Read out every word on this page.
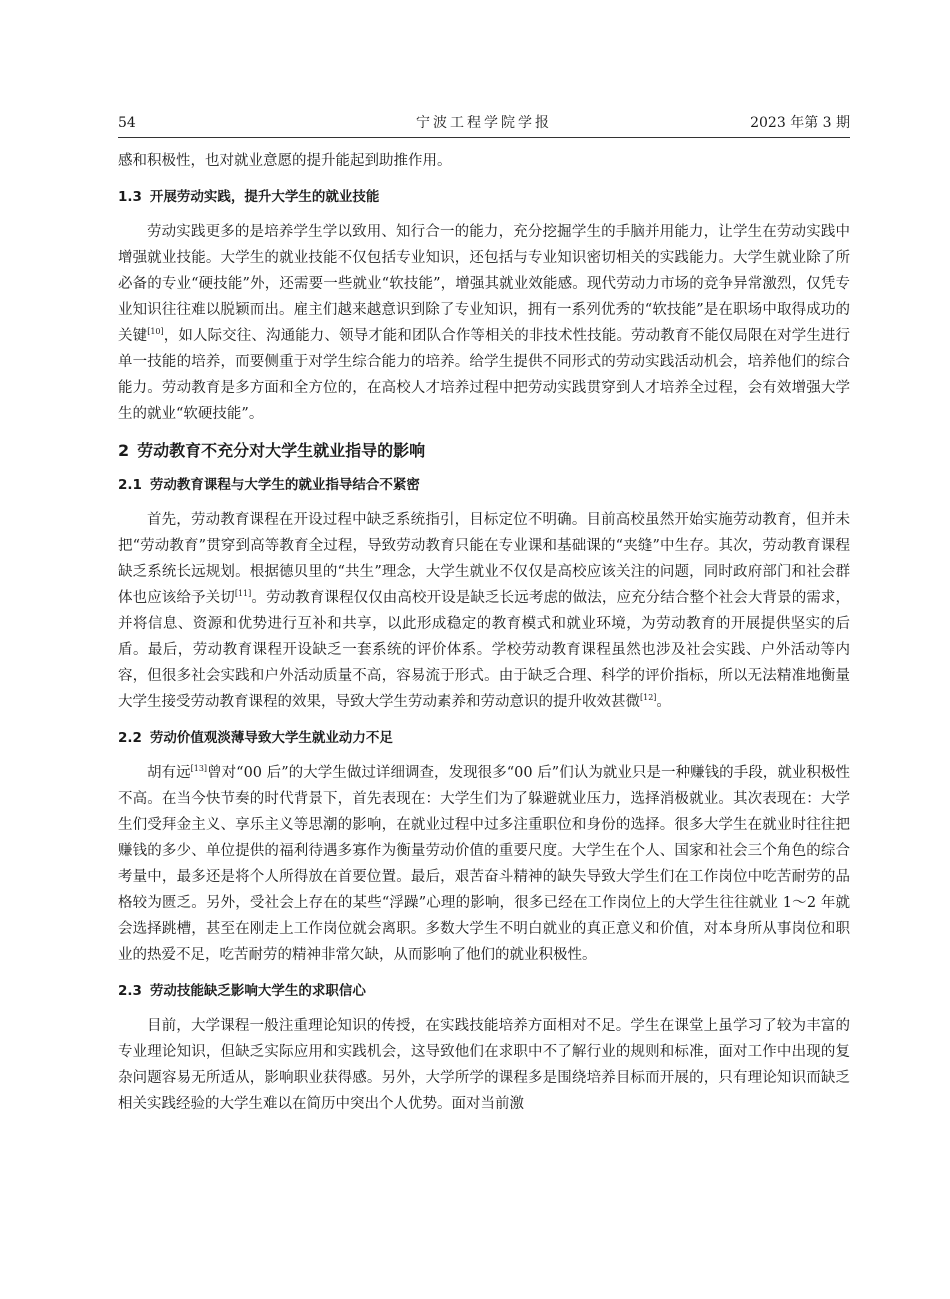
54	宁波工程学院学报	2023 年第 3 期

感和积极性，也对就业意愿的提升能起到助推作用。

1.3 开展劳动实践，提升大学生的就业技能

劳动实践更多的是培养学生学以致用、知行合一的能力，充分挖掘学生的手脑并用能力，让学生在劳动实践中增强就业技能。大学生的就业技能不仅包括专业知识，还包括与专业知识密切相关的实践能力。大学生就业除了所必备的专业“硬技能”外，还需要一些就业“软技能”，增强其就业效能感。现代劳动力市场的竞争异常激烈，仅凭专业知识往往难以脱颖而出。雇主们越来越意识到除了专业知识，拥有一系列优秀的“软技能”是在职场中取得成功的关键[10]，如人际交往、沟通能力、领导才能和团队合作等相关的非技术性技能。劳动教育不能仅局限在对学生进行单一技能的培养，而要侧重于对学生综合能力的培养。给学生提供不同形式的劳动实践活动机会，培养他们的综合能力。劳动教育是多方面和全方位的，在高校人才培养过程中把劳动实践贯穿到人才培养全过程，会有效增强大学生的就业“软硬技能”。

2 劳动教育不充分对大学生就业指导的影响
2.1 劳动教育课程与大学生的就业指导结合不紧密

首先，劳动教育课程在开设过程中缺乏系统指引，目标定位不明确。目前高校虽然开始实施劳动教育，但并未把“劳动教育”贯穿到高等教育全过程，导致劳动教育只能在专业课和基础课的“夹缝”中生存。其次，劳动教育课程缺乏系统长远规划。根据德贝里的“共生”理念，大学生就业不仅仅是高校应该关注的问题，同时政府部门和社会群体也应该给予关切[11]。劳动教育课程仅仅由高校开设是缺乏长远考虑的做法，应充分结合整个社会大背景的需求，并将信息、资源和优势进行互补和共享，以此形成稳定的教育模式和就业环境，为劳动教育的开展提供坚实的后盾。最后，劳动教育课程开设缺乏一套系统的评价体系。学校劳动教育课程虽然也涉及社会实践、户外活动等内容，但很多社会实践和户外活动质量不高，容易流于形式。由于缺乏合理、科学的评价指标，所以无法精准地衡量大学生接受劳动教育课程的效果，导致大学生劳动素养和劳动意识的提升收效甚微[12]。

2.2 劳动价值观淡薄导致大学生就业动力不足

胡有远[13]曾对“00 后”的大学生做过详细调查，发现很多“00 后”们认为就业只是一种赚钱的手段，就业积极性不高。在当今快节奏的时代背景下，首先表现在：大学生们为了躲避就业压力，选择消极就业。其次表现在：大学生们受拜金主义、享乐主义等思潮的影响，在就业过程中过多注重职位和身份的选择。很多大学生在就业时往往把赚钱的多少、单位提供的福利待遇多寡作为衡量劳动价值的重要尺度。大学生在个人、国家和社会三个角色的综合考量中，最多还是将个人所得放在首要位置。最后，艰苦奋斗精神的缺失导致大学生们在工作岗位中吃苦耐劳的品格较为匮乏。另外，受社会上存在的某些“浮躁”心理的影响，很多已经在工作岗位上的大学生往往就业 1～2 年就会选择跳槽，甚至在刚走上工作岗位就会离职。多数大学生不明白就业的真正意义和价值，对本身所从事岗位和职业的热爱不足，吃苦耐劳的精神非常欠缺，从而影响了他们的就业积极性。

2.3 劳动技能缺乏影响大学生的求职信心

目前，大学课程一般注重理论知识的传授，在实践技能培养方面相对不足。学生在课堂上虽学习了较为丰富的专业理论知识，但缺乏实际应用和实践机会，这导致他们在求职中不了解行业的规则和标准，面对工作中出现的复杂问题容易无所适从，影响职业获得感。另外，大学所学的课程多是围绕培养目标而开展的，只有理论知识而缺乏相关实践经验的大学生难以在简历中突出个人优势。面对当前激
